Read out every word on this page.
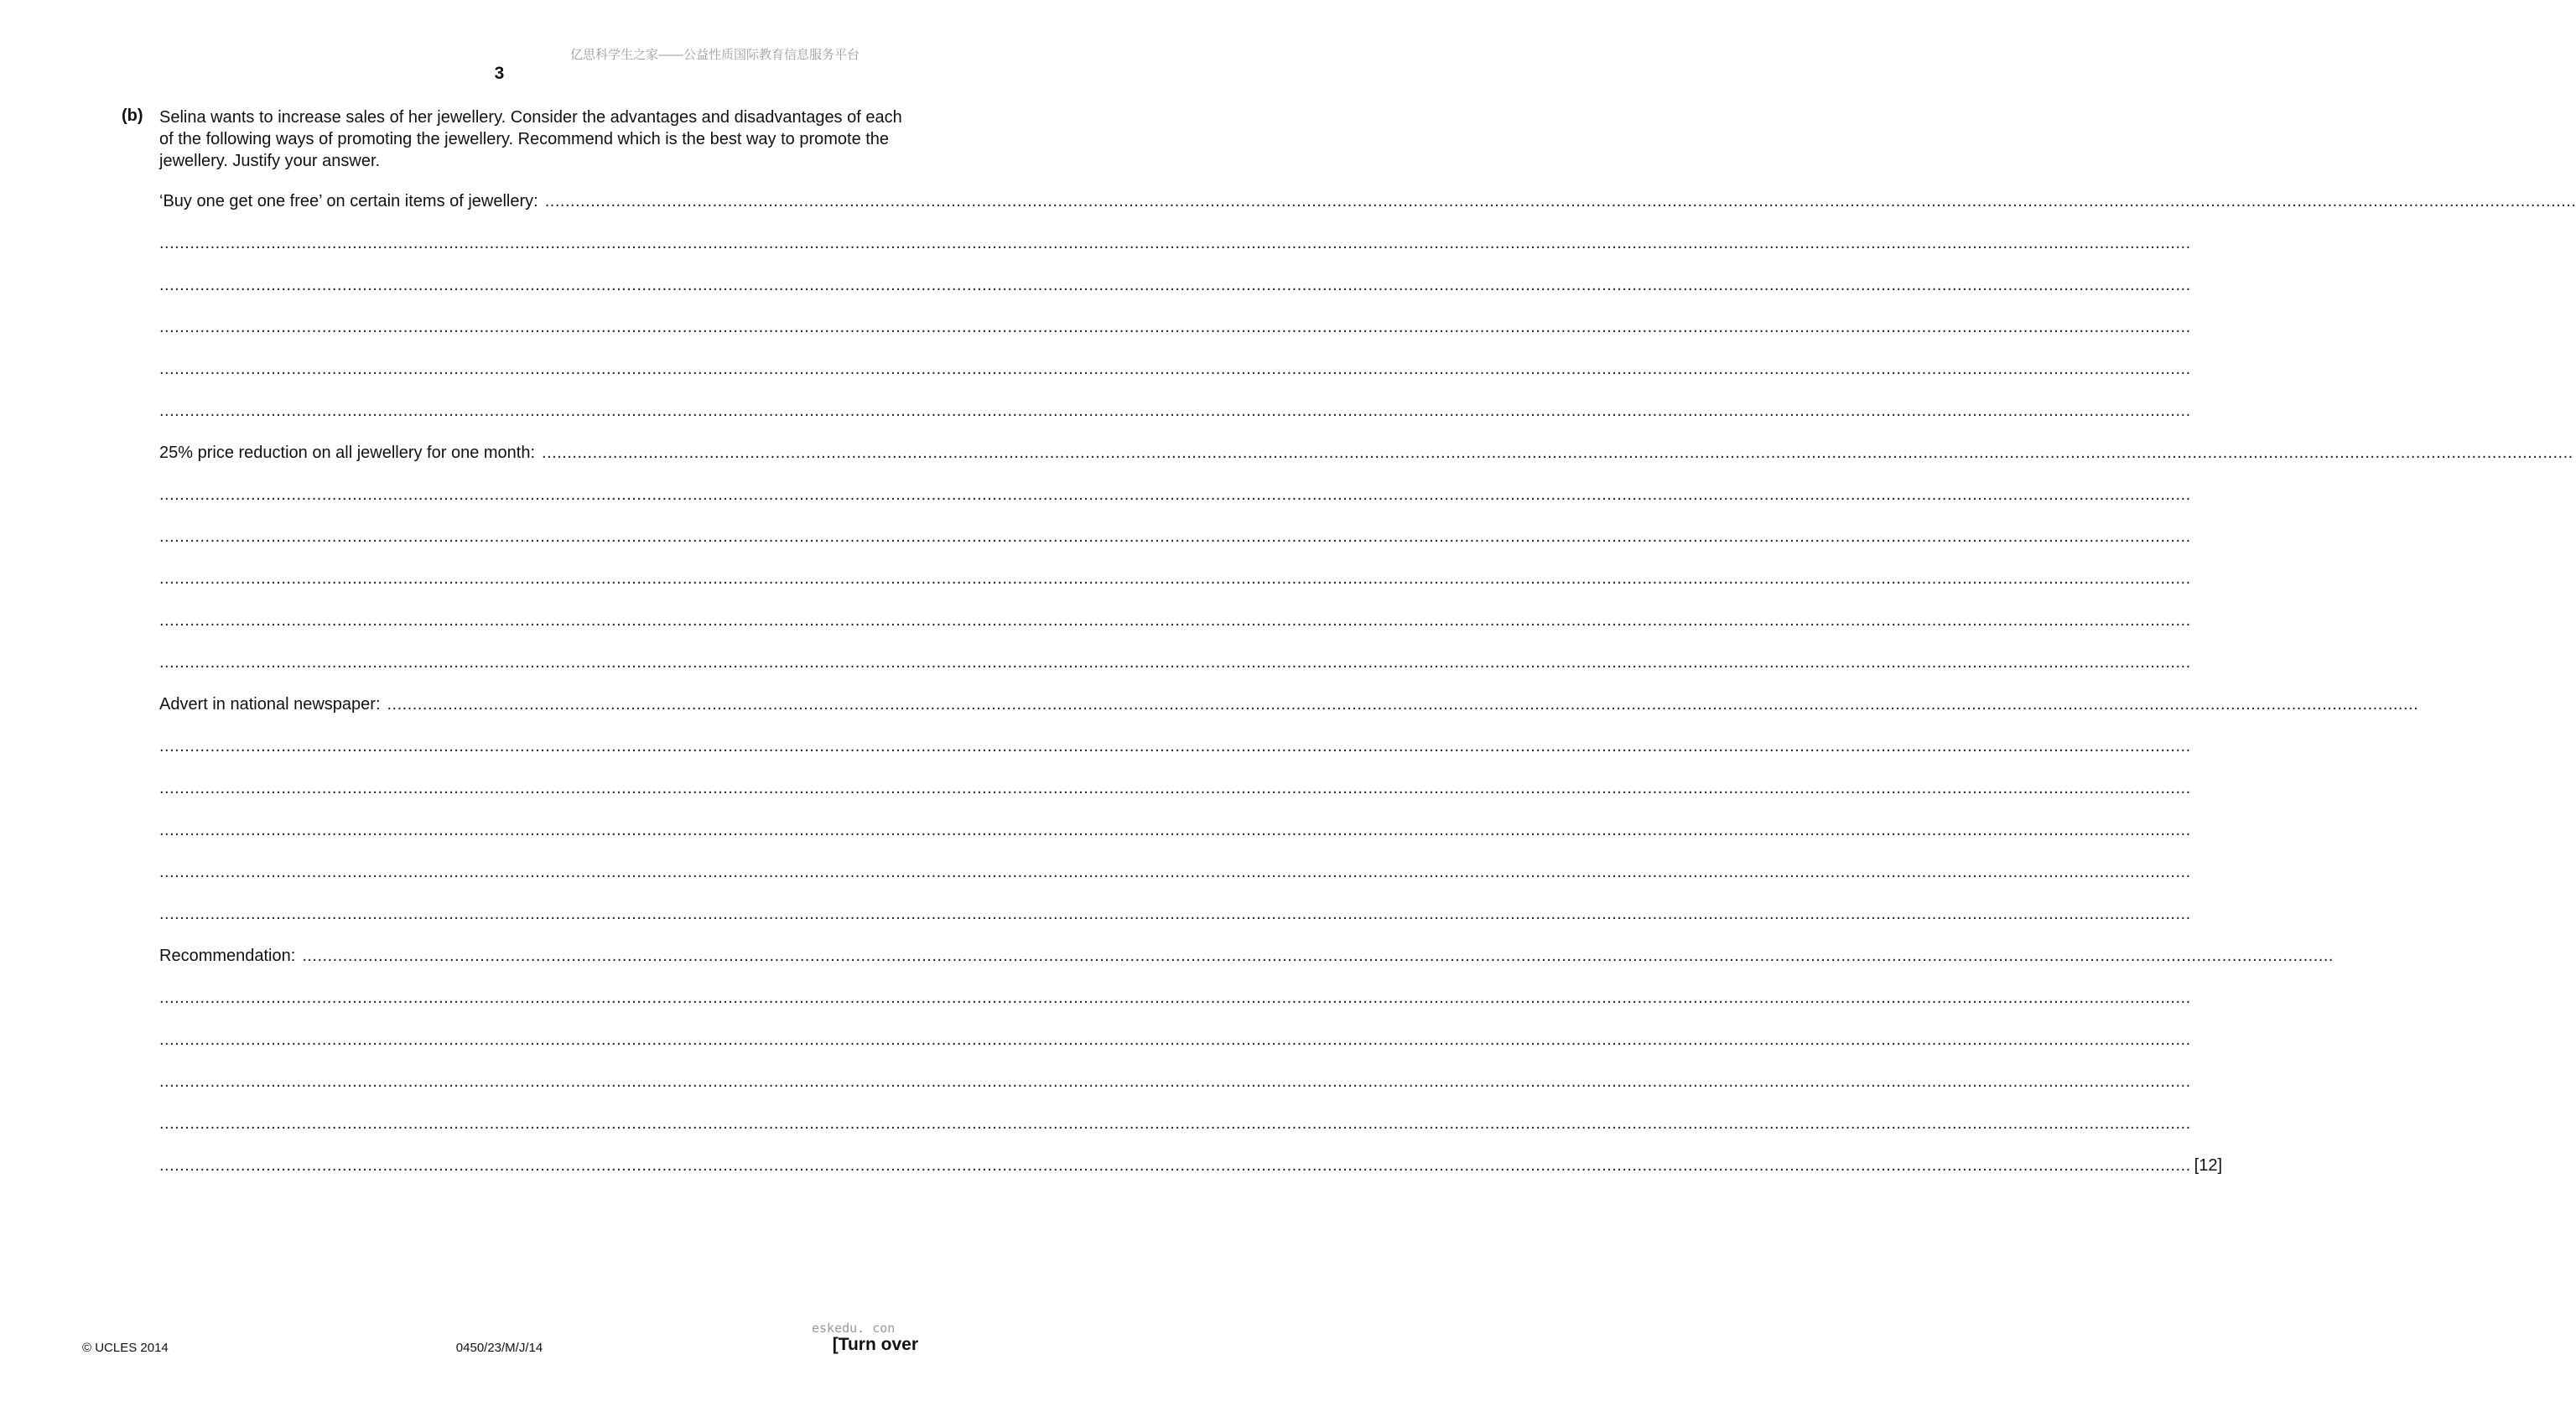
亿思科学生之家——公益性质国际教育信息服务平台
3
(b) Selina wants to increase sales of her jewellery. Consider the advantages and disadvantages of each of the following ways of promoting the jewellery. Recommend which is the best way to promote the jewellery. Justify your answer.

‘Buy one get one free’ on certain items of jewellery: ................................................................................................................................................................................................................................................................................................................................................................................................................
................................................................................................................................................................................................................................................................................................................................................................................................................
................................................................................................................................................................................................................................................................................................................................................................................................................
................................................................................................................................................................................................................................................................................................................................................................................................................
................................................................................................................................................................................................................................................................................................................................................................................................................
................................................................................................................................................................................................................................................................................................................................................................................................................
25% price reduction on all jewellery for one month: ................................................................................................................................................................................................................................................................................................................................................................................................................
................................................................................................................................................................................................................................................................................................................................................................................................................
................................................................................................................................................................................................................................................................................................................................................................................................................
................................................................................................................................................................................................................................................................................................................................................................................................................
................................................................................................................................................................................................................................................................................................................................................................................................................
................................................................................................................................................................................................................................................................................................................................................................................................................
Advert in national newspaper: ................................................................................................................................................................................................................................................................................................................................................................................................................
................................................................................................................................................................................................................................................................................................................................................................................................................
................................................................................................................................................................................................................................................................................................................................................................................................................
................................................................................................................................................................................................................................................................................................................................................................................................................
................................................................................................................................................................................................................................................................................................................................................................................................................
................................................................................................................................................................................................................................................................................................................................................................................................................
Recommendation: ................................................................................................................................................................................................................................................................................................................................................................................................................
................................................................................................................................................................................................................................................................................................................................................................................................................
................................................................................................................................................................................................................................................................................................................................................................................................................
................................................................................................................................................................................................................................................................................................................................................................................................................
................................................................................................................................................................................................................................................................................................................................................................................................................
................................................................................................................................................................................................................................................................................................................................................................................................................ [12]
© UCLES 2014	0450/23/M/J/14
eskedu. con
[Turn over
